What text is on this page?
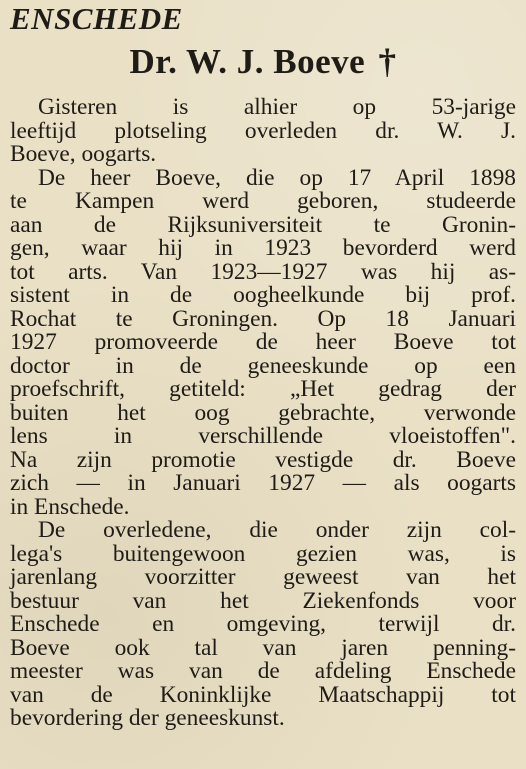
ENSCHEDE
Dr. W. J. Boeve †

Gisteren is alhier op 53-jarige
leeftijd plotseling overleden dr. W. J.
Boeve, oogarts.

De heer Boeve, die op 17 April 1898
te Kampen werd geboren, studeerde
aan de Rijksuniversiteit te Gronin-
gen, waar hij in 1923 bevorderd werd
tot arts. Van 1923—1927 was hij as-
sistent in de oogheelkunde bij prof.
Rochat te Groningen. Op 18 Januari
1927 promoveerde de heer Boeve tot
doctor in de geneeskunde op een
proefschrift, getiteld: „Het gedrag der
buiten het oog gebrachte, verwonde
lens in verschillende vloeistoffen".
Na zijn promotie vestigde dr. Boeve
zich — in Januari 1927 — als oogarts
in Enschede.

De overledene, die onder zijn col-
lega's buitengewoon gezien was, is
jarenlang voorzitter geweest van het
bestuur van het Ziekenfonds voor
Enschede en omgeving, terwijl dr.
Boeve ook tal van jaren penning-
meester was van de afdeling Enschede
van de Koninklijke Maatschappij tot
bevordering der geneeskunst.
